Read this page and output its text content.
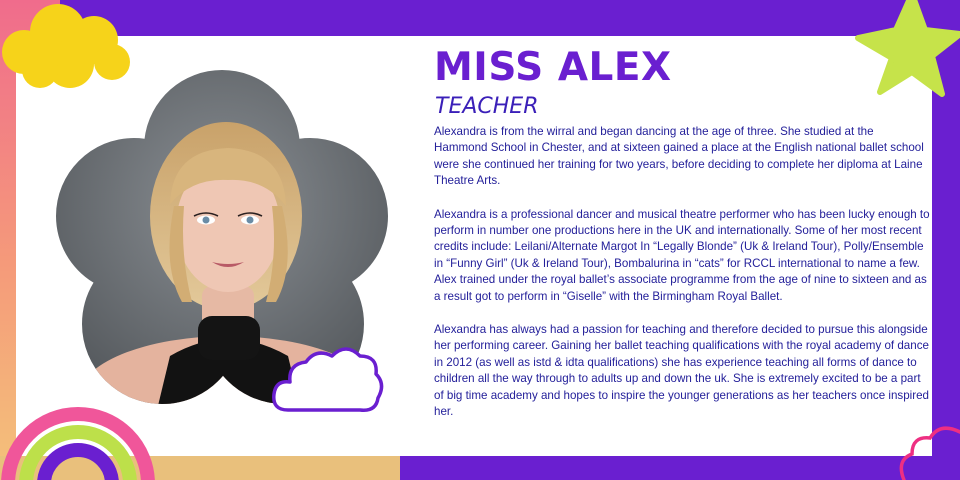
MISS ALEX
TEACHER

Alexandra is from the wirral and began dancing at the age of three. She studied at the Hammond School in Chester, and at sixteen gained a place at the English national ballet school were she continued her training for two years, before deciding to complete her diploma at Laine Theatre Arts.

Alexandra is a professional dancer and musical theatre performer who has been lucky enough to perform in number one productions here in the UK and internationally. Some of her most recent credits include: Leilani/Alternate Margot In “Legally Blonde” (Uk & Ireland Tour), Polly/Ensemble in “Funny Girl” (Uk & Ireland Tour), Bombalurina in “cats” for RCCL international to name a few. Alex trained under the royal ballet’s associate programme from the age of nine to sixteen and as a result got to perform in “Giselle” with the Birmingham Royal Ballet.

Alexandra has always had a passion for teaching and therefore decided to pursue this alongside her performing career. Gaining her ballet teaching qualifications with the royal academy of dance in 2012 (as well as istd & idta qualifications) she has experience teaching all forms of dance to children all the way through to adults up and down the uk. She is extremely excited to be a part of big time academy and hopes to inspire the younger generations as her teachers once inspired her.
